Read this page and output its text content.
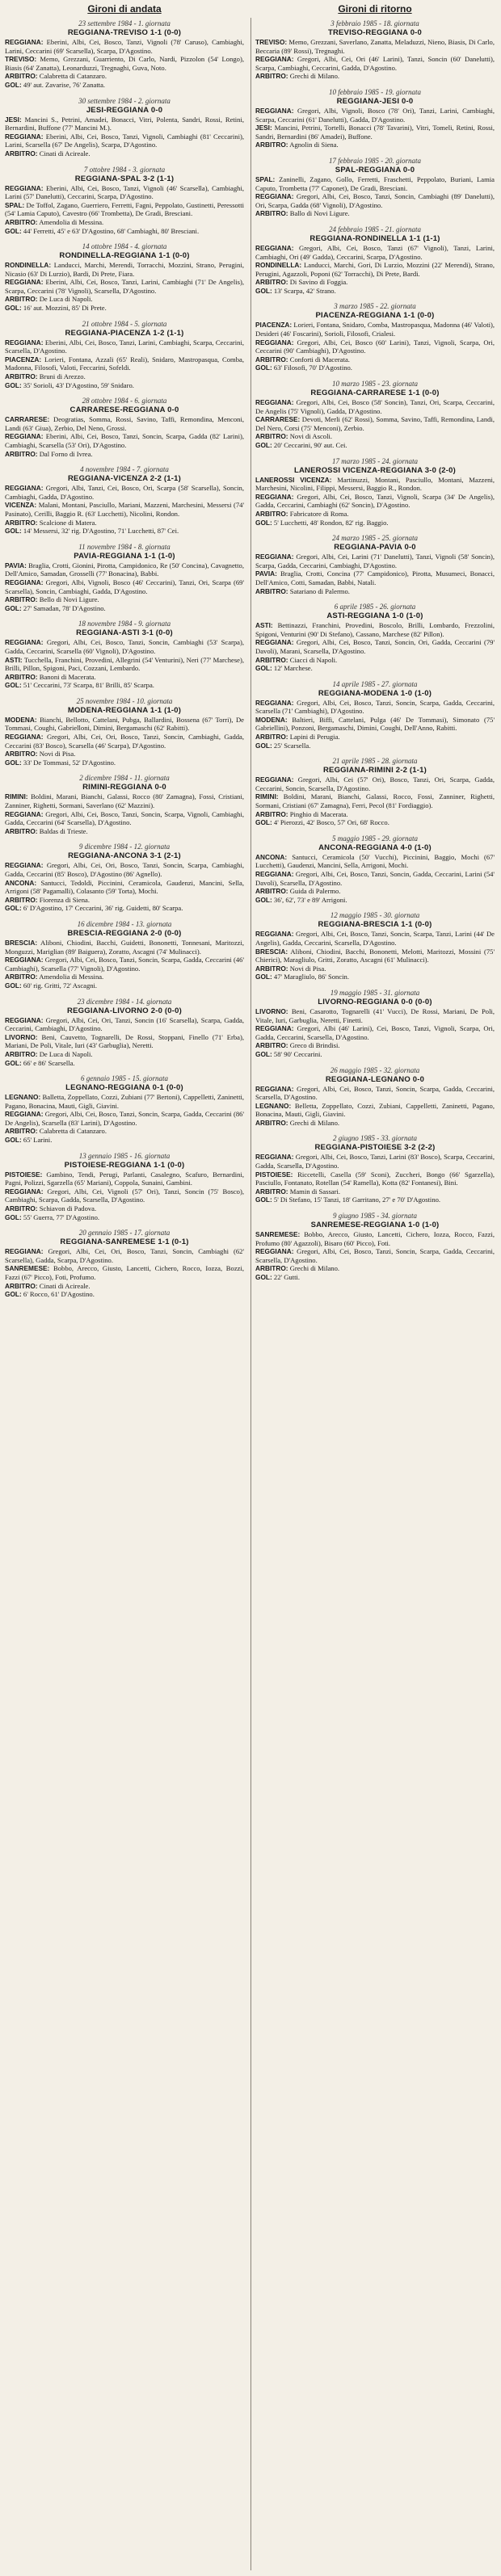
Gironi di andata
23 settembre 1984 - 1. giornata
REGGIANA-TREVISO 1-1 (0-0)

REGGIANA: Eberini, Albi, Cei, Bosco, Tanzi, Vignoli (78' Caruso), Cambiaghi, Larini, Ceccarini (69' Scarsella), Scarpa, D'Agostino.

TREVISO: Memo, Grezzani, Guarriento, Di Carlo, Nardi, Pizzolon (54' Longo), Biasis (64' Zanatta), Leonarduzzi, Tregnaghi, Guva, Noto.

ARBITRO: Calabretta di Catanzaro.

GOL: 49' aut. Zavarise, 76' Zanatta.

30 settembre 1984 - 2. giornata
JESI-REGGIANA 0-0

JESI: Mancini S., Petrini, Amadei, Bonacci, Vitri, Polenta, Sandri, Rossi, Retini, Bernardini, Buffone (77' Mancini M.).

REGGIANA: Eberini, Albi, Cei, Bosco, Tanzi, Vignoli, Cambiaghi (81' Ceccarini), Larini, Scarsella (67' De Angelis), Scarpa, D'Agostino.

ARBITRO: Cinati di Acireale.

7 ottobre 1984 - 3. giornata
REGGIANA-SPAL 3-2 (1-1)

REGGIANA: Eberini, Albi, Cei, Bosco, Tanzi, Vignoli (46' Scarsella), Cambiaghi, Larini (57' Danelutti), Ceccarini, Scarpa, D'Agostino.

SPAL: De Toffol, Zagano, Guerriero, Ferretti, Fagni, Peppolato, Gustinetti, Peressotti (54' Lamia Caputo), Cavestro (66' Trombetta), De Gradi, Bresciani.

ARBITRO: Amendolia di Messina.

GOL: 44' Ferretti, 45' e 63' D'Agostino, 68' Cambiaghi, 80' Bresciani.

14 ottobre 1984 - 4. giornata
RONDINELLA-REGGIANA 1-1 (0-0)

RONDINELLA: Landucci, Marchi, Merendi, Torracchi, Mozzini, Strano, Perugini, Nicasio (63' Di Lurzio), Bardi, Di Prete, Fiara.

REGGIANA: Eberini, Albi, Cei, Bosco, Tanzi, Larini, Cambiaghi (71' De Angelis), Scarpa, Ceccarini (78' Vignoli), Scarsella, D'Agostino.

ARBITRO: De Luca di Napoli.

GOL: 16' aut. Mozzini, 85' Di Prete.

21 ottobre 1984 - 5. giornata
REGGIANA-PIACENZA 1-2 (1-1)

REGGIANA: Eberini, Albi, Cei, Bosco, Tanzi, Larini, Cambiaghi, Scarpa, Ceccarini, Scarsella, D'Agostino.

PIACENZA: Lorieri, Fontana, Azzali (65' Reali), Snidaro, Mastropasqua, Comba, Madonna, Filosofi, Valoti, Feccarini, Sofeldi.

ARBITRO: Bruni di Arezzo.

GOL: 35' Sorioli, 43' D'Agostino, 59' Snidaro.

28 ottobre 1984 - 6. giornata
CARRARESE-REGGIANA 0-0

CARRARESE: Deogratias, Somma, Rossi, Savino, Taffi, Remondina, Menconi, Landi (63' Giua), Zerbio, Del Neno, Grossi.

REGGIANA: Eberini, Albi, Cei, Bosco, Tanzi, Soncin, Scarpa, Gadda (82' Larini), Cambiaghi, Scarsella (53' Ori), D'Agostino.

ARBITRO: Dal Forno di Ivrea.

4 novembre 1984 - 7. giornata
REGGIANA-VICENZA 2-2 (1-1)

REGGIANA: Gregori, Albi, Tanzi, Cei, Bosco, Ori, Scarpa (58' Scarsella), Soncin, Cambiaghi, Gadda, D'Agostino.

VICENZA: Malani, Montani, Pasciullo, Mariani, Mazzeni, Marchesini, Messersi (74' Pasinato), Cerilli, Baggio R. (63' Lucchetti), Nicolini, Rondon.

ARBITRO: Scalcione di Matera.

GOL: 14' Messersi, 32' rig. D'Agostino, 71' Lucchetti, 87' Cei.

11 novembre 1984 - 8. giornata
PAVIA-REGGIANA 1-1 (1-0)

PAVIA: Braglia, Crotti, Gionini, Pirotta, Campidonico, Re (50' Concina), Cavagnetto, Dell'Amico, Samadan, Grosselli (77' Bonacina), Babbi.

REGGIANA: Gregori, Albi, Vignoli, Bosco (46' Ceccarini), Tanzi, Ori, Scarpa (69' Scarsella), Soncin, Cambiaghi, Gadda, D'Agostino.

ARBITRO: Bello di Novi Ligure.

GOL: 27' Samadan, 78' D'Agostino.

18 novembre 1984 - 9. giornata
REGGIANA-ASTI 3-1 (0-0)

REGGIANA: Gregori, Albi, Cei, Bosco, Tanzi, Soncin, Cambiaghi (53' Scarpa), Gadda, Ceccarini, Scarsella (60' Vignoli), D'Agostino.

ASTI: Tucchella, Franchini, Provedini, Allegrini (54' Venturini), Neri (77' Marchese), Brilli, Pillon, Spigoni, Paci, Cozzani, Lembardo.

ARBITRO: Banoni di Macerata.

GOL: 51' Ceccarini, 73' Scarpa, 81' Brilli, 85' Scarpa.

25 novembre 1984 - 10. giornata
MODENA-REGGIANA 1-1 (1-0)

MODENA: Bianchi, Bellotto, Cattelani, Pubga, Ballardini, Bossena (67' Torri), De Tommasi, Coughi, Gabrielloni, Dimini, Bergamaschi (62' Rabitti).

REGGIANA: Gregori, Albi, Cei, Ori, Bosco, Tanzi, Soncin, Cambiaghi, Gadda, Ceccarini (83' Bosco), Scarsella (46' Scarpa), D'Agostino.

ARBITRO: Novi di Pisa.

GOL: 33' De Tommasi, 52' D'Agostino.

2 dicembre 1984 - 11. giornata
RIMINI-REGGIANA 0-0

RIMINI: Boldini, Marani, Bianchi, Galassi, Rocco (80' Zamagna), Fossi, Cristiani, Zanniner, Righetti, Sormani, Saverlano (62' Mazzini).

REGGIANA: Gregori, Albi, Cei, Bosco, Tanzi, Soncin, Scarpa, Vignoli, Cambiaghi, Gadda, Ceccarini (64' Scarsella), D'Agostino.

ARBITRO: Baldas di Trieste.

9 dicembre 1984 - 12. giornata
REGGIANA-ANCONA 3-1 (2-1)

REGGIANA: Gregori, Albi, Cei, Ori, Bosco, Tanzi, Soncin, Scarpa, Cambiaghi, Gadda, Ceccarini (85' Bosco), D'Agostino (86' Agnello).

ANCONA: Santucci, Tedoldi, Piccinini, Ceramicola, Gaudenzi, Mancini, Sella, Arrigoni (58' Pagamalli), Colasanto (59' Torta), Mochi.

ARBITRO: Fiorenza di Siena.

GOL: 6' D'Agostino, 17' Ceccarini, 36' rig. Guidetti, 80' Scarpa.

16 dicembre 1984 - 13. giornata
BRESCIA-REGGIANA 2-0 (0-0)

BRESCIA: Aliboni, Chiodini, Bacchi, Guidetti, Bononetti, Tonnesani, Maritozzi, Monguzzi, Mariglian (89' Baiguera), Zoratto, Ascagni (74' Mulinacci).

REGGIANA: Gregori, Albi, Cei, Bosco, Tanzi, Soncin, Scarpa, Gadda, Ceccarini (46' Cambiaghi), Scarsella (77' Vignoli), D'Agostino.

ARBITRO: Amendolia di Messina.

GOL: 60' rig. Gritti, 72' Ascagni.

23 dicembre 1984 - 14. giornata
REGGIANA-LIVORNO 2-0 (0-0)

REGGIANA: Gregori, Albi, Cei, Ori, Tanzi, Soncin (16' Scarsella), Scarpa, Gadda, Ceccarini, Cambiaghi, D'Agostino.

LIVORNO: Beni, Cauvetto, Tognarelli, De Rossi, Stoppani, Finello (71' Erba), Mariani, De Poli, Vitale, Iuri (43' Garbuglia), Neretti.

ARBITRO: De Luca di Napoli.

GOL: 66' e 86' Scarsella.

6 gennaio 1985 - 15. giornata
LEGNANO-REGGIANA 0-1 (0-0)

LEGNANO: Balletta, Zoppellato, Cozzi, Zubiani (77' Bertoni), Cappelletti, Zaninetti, Pagano, Bonacina, Mauti, Gigli, Giavini.

REGGIANA: Gregori, Albi, Cei, Bosco, Tanzi, Soncin, Scarpa, Gadda, Ceccarini (86' De Angelis), Scarsella (83' Larini), D'Agostino.

ARBITRO: Calabretta di Catanzaro.

GOL: 65' Larini.

13 gennaio 1985 - 16. giornata
PISTOIESE-REGGIANA 1-1 (0-0)

PISTOIESE: Gambino, Tendi, Perugi, Parlanti, Casalegno, Scafuro, Bernardini, Pagni, Polizzi, Sgarzella (65' Mariani), Coppola, Sunaini, Gambini.

REGGIANA: Gregori, Albi, Cei, Vignoli (57' Ori), Tanzi, Soncin (75' Bosco), Cambiaghi, Scarpa, Gadda, Scarsella, D'Agostino.

ARBITRO: Schiavon di Padova.

GOL: 55' Guerra, 77' D'Agostino.

20 gennaio 1985 - 17. giornata
REGGIANA-SANREMESE 1-1 (0-1)

REGGIANA: Gregori, Albi, Cei, Ori, Bosco, Tanzi, Soncin, Cambiaghi (62' Scarsella), Gadda, Scarpa, D'Agostino.

SANREMESE: Bobbo, Arecco, Giusto, Lancetti, Cichero, Rocco, Iozza, Bozzi, Fazzi (67' Picco), Foti, Profumo.

ARBITRO: Cinati di Acireale.

GOL: 6' Rocco, 61' D'Agostino.

Gironi di ritorno
3 febbraio 1985 - 18. giornata
TREVISO-REGGIANA 0-0

TREVISO: Memo, Grezzani, Saverlano, Zanatta, Meladuzzi, Nieno, Biasis, Di Carlo, Beccaria (89' Rossi), Tregnaghi.

REGGIANA: Gregori, Albi, Cei, Ori (46' Larini), Tanzi, Soncin (60' Danelutti), Scarpa, Cambiaghi, Ceccarini, Gadda, D'Agostino.

ARBITRO: Grechi di Milano.

10 febbraio 1985 - 19. giornata
REGGIANA-JESI 0-0

REGGIANA: Gregori, Albi, Vignoli, Bosco (78' Ori), Tanzi, Larini, Cambiaghi, Scarpa, Ceccarini (61' Danelutti), Gadda, D'Agostino.

JESI: Mancini, Petrini, Tortelli, Bonacci (78' Tavarini), Vitri, Tomeli, Retini, Rossi, Sandri, Bernardini (86' Amadei), Buffone.

ARBITRO: Agnolin di Siena.

17 febbraio 1985 - 20. giornata
SPAL-REGGIANA 0-0

SPAL: Zaninelli, Zagano, Gollo, Ferretti, Fraschetti, Peppolato, Buriani, Lamia Caputo, Trombetta (77' Caponet), De Gradi, Bresciani.

REGGIANA: Gregori, Albi, Cei, Bosco, Tanzi, Soncin, Cambiaghi (89' Danelutti), Ori, Scarpa, Gadda (68' Vignoli), D'Agostino.

ARBITRO: Ballo di Novi Ligure.

24 febbraio 1985 - 21. giornata
REGGIANA-RONDINELLA 1-1 (1-1)

REGGIANA: Gregori, Albi, Cei, Bosco, Tanzi (67' Vignoli), Tanzi, Larini, Cambiaghi, Ori (49' Gadda), Ceccarini, Scarpa, D'Agostino.

RONDINELLA: Landucci, Marchi, Gori, Di Lurzio, Mozzini (22' Merendi), Strano, Perugini, Agazzoli, Poponi (62' Torracchi), Di Prete, Bardi.

ARBITRO: Di Savino di Foggia.

GOL: 13' Scarpa, 42' Strano.

3 marzo 1985 - 22. giornata
PIACENZA-REGGIANA 1-1 (0-0)

PIACENZA: Lorieri, Fontana, Snidaro, Comba, Mastropasqua, Madonna (46' Valoti), Desideri (46' Foscarini), Sorioli, Filosofi, Crialesi.

REGGIANA: Gregori, Albi, Cei, Bosco (60' Larini), Tanzi, Vignoli, Scarpa, Ori, Ceccarini (90' Cambiaghi), D'Agostino.

ARBITRO: Conforti di Macerata.

GOL: 63' Filosofi, 70' D'Agostino.

10 marzo 1985 - 23. giornata
REGGIANA-CARRARESE 1-1 (0-0)

REGGIANA: Gregori, Albi, Cei, Bosco (58' Soncin), Tanzi, Ori, Scarpa, Ceccarini, De Angelis (75' Vignoli), Gadda, D'Agostino.

CARRARESE: Devoti, Merli (62' Rossi), Somma, Savino, Taffi, Remondina, Landi, Del Nero, Corsi (75' Menconi), Zerbio.

ARBITRO: Novi di Ascoli.

GOL: 20' Ceccarini, 90' aut. Cei.

17 marzo 1985 - 24. giornata
LANEROSSI VICENZA-REGGIANA 3-0 (2-0)

LANEROSSI VICENZA: Martinuzzi, Montani, Pasciullo, Montani, Mazzeni, Marchesini, Nicolini, Filippi, Messersi, Baggio R., Rondon.

REGGIANA: Gregori, Albi, Cei, Bosco, Tanzi, Vignoli, Scarpa (34' De Angelis), Gadda, Ceccarini, Cambiaghi (62' Soncin), D'Agostino.

ARBITRO: Fabricatore di Roma.

GOL: 5' Lucchetti, 48' Rondon, 82' rig. Baggio.

24 marzo 1985 - 25. giornata
REGGIANA-PAVIA 0-0

REGGIANA: Gregori, Albi, Cei, Larini (71' Danelutti), Tanzi, Vignoli (58' Soncin), Scarpa, Gadda, Ceccarini, Cambiaghi, D'Agostino.

PAVIA: Braglia, Crotti, Concina (77' Campidonico), Pirotta, Musumeci, Bonacci, Dell'Amico, Cotti, Samadan, Babbi, Natali.

ARBITRO: Satariano di Palermo.

6 aprile 1985 - 26. giornata
ASTI-REGGIANA 1-0 (1-0)

ASTI: Bettinazzi, Franchini, Provedini, Boscolo, Brilli, Lombardo, Frezzolini, Spigoni, Venturini (90' Di Stefano), Cassano, Marchese (82' Pillon).

REGGIANA: Gregori, Albi, Cei, Bosco, Tanzi, Soncin, Ori, Gadda, Ceccarini (79' Davoli), Marani, Scarsella, D'Agostino.

ARBITRO: Ciacci di Napoli.

GOL: 12' Marchese.

14 aprile 1985 - 27. giornata
REGGIANA-MODENA 1-0 (1-0)

REGGIANA: Gregori, Albi, Cei, Bosco, Tanzi, Soncin, Scarpa, Gadda, Ceccarini, Scarsella (71' Cambiaghi), D'Agostino.

MODENA: Baltieri, Biffi, Cattelani, Pulga (46' De Tommasi), Simonato (75' Gabriellini), Ponzoni, Bergamaschi, Dimini, Coughi, Dell'Anno, Rabitti.

ARBITRO: Lapini di Perugia.

GOL: 25' Scarsella.

21 aprile 1985 - 28. giornata
REGGIANA-RIMINI 2-2 (1-1)

REGGIANA: Gregori, Albi, Cei (57' Ori), Bosco, Tanzi, Ori, Scarpa, Gadda, Ceccarini, Soncin, Scarsella, D'Agostino.

RIMINI: Boldini, Marani, Bianchi, Galassi, Rocco, Fossi, Zanniner, Righetti, Sormani, Cristiani (67' Zamagna), Ferri, Pecol (81' Fordiaggio).

ARBITRO: Pinghio di Macerata.

GOL: 4' Pierozzi, 42' Bosco, 57' Ori, 68' Rocco.

5 maggio 1985 - 29. giornata
ANCONA-REGGIANA 4-0 (1-0)

ANCONA: Santucci, Ceramicola (50' Vucchi), Piccinini, Baggio, Mochi (67' Lucchetti), Gaudenzi, Mancini, Sella, Arrigoni, Mochi.

REGGIANA: Gregori, Albi, Cei, Bosco, Tanzi, Soncin, Gadda, Ceccarini, Larini (54' Davoli), Scarsella, D'Agostino.

ARBITRO: Guida di Palermo.

GOL: 36', 62', 73' e 89' Arrigoni.

12 maggio 1985 - 30. giornata
REGGIANA-BRESCIA 1-1 (0-0)

REGGIANA: Gregori, Albi, Cei, Bosco, Tanzi, Soncin, Scarpa, Tanzi, Larini (44' De Angelis), Gadda, Ceccarini, Scarsella, D'Agostino.

BRESCIA: Aliboni, Chiodini, Bacchi, Bononetti, Melotti, Maritozzi, Mossini (75' Chierici), Maragliulo, Gritti, Zoratto, Ascagni (61' Mulinacci).

ARBITRO: Novi di Pisa.

GOL: 47' Maragliulo, 86' Soncin.

19 maggio 1985 - 31. giornata
LIVORNO-REGGIANA 0-0 (0-0)

LIVORNO: Beni, Casarotto, Tognarelli (41' Vucci), De Rossi, Mariani, De Poli, Vitale, Iuri, Garbuglia, Neretti, Finetti.

REGGIANA: Gregori, Albi (46' Larini), Cei, Bosco, Tanzi, Vignoli, Scarpa, Ori, Gadda, Ceccarini, Scarsella, D'Agostino.

ARBITRO: Greco di Brindisi.

GOL: 58' 90' Ceccarini.

26 maggio 1985 - 32. giornata
REGGIANA-LEGNANO 0-0

REGGIANA: Gregori, Albi, Cei, Bosco, Tanzi, Soncin, Scarpa, Gadda, Ceccarini, Scarsella, D'Agostino.

LEGNANO: Belletta, Zoppellato, Cozzi, Zubiani, Cappelletti, Zaninetti, Pagano, Bonacina, Mauti, Gigli, Giavini.

ARBITRO: Grechi di Milano.

2 giugno 1985 - 33. giornata
REGGIANA-PISTOIESE 3-2 (2-2)

REGGIANA: Gregori, Albi, Cei, Bosco, Tanzi, Larini (83' Bosco), Scarpa, Ceccarini, Gadda, Scarsella, D'Agostino.

PISTOIESE: Riccetelli, Casella (59' Sconi), Zuccheri, Bongo (66' Sgarzella), Pasciullo, Fontanato, Rotellan (54' Ramella), Kotta (82' Fontanesi), Bini.

ARBITRO: Mamin di Sassari.

GOL: 5' Di Stefano, 15' Tanzi, 18' Garritano, 27' e 70' D'Agostino.

9 giugno 1985 - 34. giornata
SANREMESE-REGGIANA 1-0 (1-0)

SANREMESE: Bobbo, Arecco, Giusto, Lancetti, Cichero, Iozza, Rocco, Fazzi, Profumo (80' Agazzoli), Bisaro (60' Picco), Foti.

REGGIANA: Gregori, Albi, Cei, Bosco, Tanzi, Soncin, Scarpa, Gadda, Ceccarini, Scarsella, D'Agostino.

ARBITRO: Grechi di Milano.

GOL: 22' Gutti.
